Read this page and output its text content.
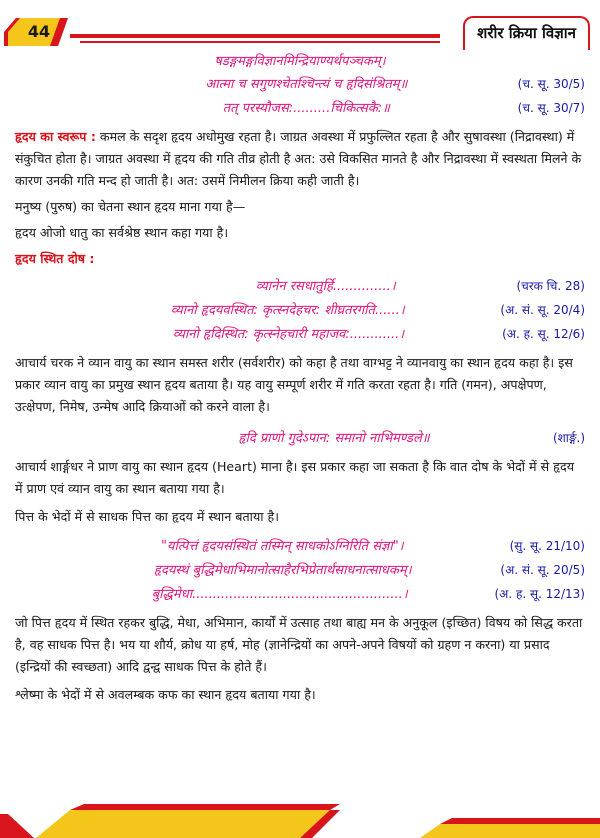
44	शरीर क्रिया विज्ञान
षडङ्गमङ्गविज्ञानमिन्द्रियाण्यर्थपञ्चकम्।
आत्मा च सगुणश्चेतश्चिन्त्यं च हृदिसंश्रितम्॥	(च. सू. 30/5)
तत् परस्यौजस:.........चिकित्सकै:॥	(च. सू. 30/7)

हृदय का स्वरूप : कमल के सदृश हृदय अधोमुख रहता है। जाग्रत अवस्था में प्रफुल्लित रहता है और सुषावस्था (निद्रावस्था) में संकुचित होता है। जाग्रत अवस्था में हृदय की गति तीव्र होती है अत: उसे विकसित मानते है और निद्रावस्था में स्वस्थता मिलने के कारण उनकी गति मन्द हो जाती है। अत: उसमें निमीलन क्रिया कही जाती है।

मनुष्य (पुरुष) का चेतना स्थान हृदय माना गया है—
हृदय ओजो धातु का सर्वश्रेष्ठ स्थान कहा गया है।
हृदय स्थित दोष :
व्यानेन रसधातुर्हि..............।	(चरक चि. 28)
व्यानो हृदयवस्थित: कृत्स्नदेहचर: शीघ्रतरगति......।	(अ. सं. सू. 20/4)
व्यानो हृदिस्थित: कृत्स्नेहचारी महाजव:............।	(अ. ह. सू. 12/6)
आचार्य चरक ने व्यान वायु का स्थान समस्त शरीर (सर्वशरीर) को कहा है तथा वाग्भट्ट ने व्यानवायु का स्थान हृदय कहा है। इस प्रकार व्यान वायु का प्रमुख स्थान हृदय बताया है। यह वायु सम्पूर्ण शरीर में गति करता रहता है। गति (गमन), अपक्षेपण, उत्क्षेपण, निमेष, उन्मेष आदि क्रियाओं को करने वाला है।
हृदि प्राणो गुदेऽपान: समानो नाभिमण्डले॥	(शार्ङ्ग.)
आचार्य शार्ङ्गधर ने प्राण वायु का स्थान हृदय (Heart) माना है। इस प्रकार कहा जा सकता है कि वात दोष के भेदों में से हृदय में प्राण एवं व्यान वायु का स्थान बताया गया है।
पित्त के भेदों में से साधक पित्त का हृदय में स्थान बताया है।
"यत्पित्तं हृदयसंस्थितं तस्मिन् साधकोऽग्निरिति संज्ञा"।	(सु. सू. 21/10)
हृदयस्थं बुद्धिमेधाभिमानोत्साहैरभिप्रेतार्थसाधनात्साधकम्।	(अ. सं. सू. 20/5)
बुद्धिमेधा...................................................।	(अ. ह. सू. 12/13)
जो पित्त हृदय में स्थित रहकर बुद्धि, मेधा, अभिमान, कार्यों में उत्साह तथा बाह्य मन के अनुकूल (इच्छित) विषय को सिद्ध करता है, वह साधक पित्त है। भय या शौर्य, क्रोध या हर्ष, मोह (ज्ञानेन्द्रियों का अपने-अपने विषयों को ग्रहण न करना) या प्रसाद (इन्द्रियों की स्वच्छता) आदि द्वन्द्व साधक पित्त के होते हैं।
श्लेष्मा के भेदों में से अवलम्बक कफ का स्थान हृदय बताया गया है।
